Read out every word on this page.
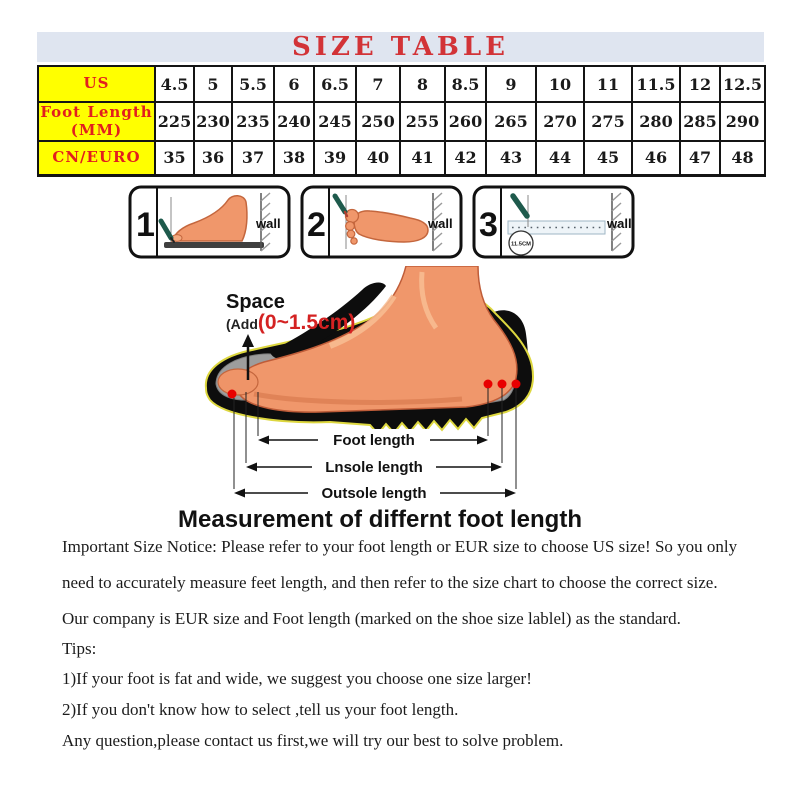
SIZE TABLE
US	4.5	5	5.5	6	6.5	7	8	8.5	9	10	11	11.5	12	12.5
Foot Length (MM)	225	230	235	240	245	250	255	260	265	270	275	280	285	290
CN/EURO	35	36	37	38	39	40	41	42	43	44	45	46	47	48
1	wall 2	wall 3
11.5CM
wall
Space
(Add(0~1.5cm)
Foot length
Lnsole length
Outsole length
Measurement of differnt foot length

Important Size Notice: Please refer to your foot length or EUR size to choose US size! So you only

need to accurately measure feet length, and then refer to the size chart to choose the correct size.

Our company is EUR size and Foot length (marked on the shoe size lablel) as the standard.

Tips:

1)If your foot is fat and wide, we suggest you choose one size larger!

2)If you don't know how to select ,tell us your foot length.

Any question,please contact us first,we will try our best to solve problem.
